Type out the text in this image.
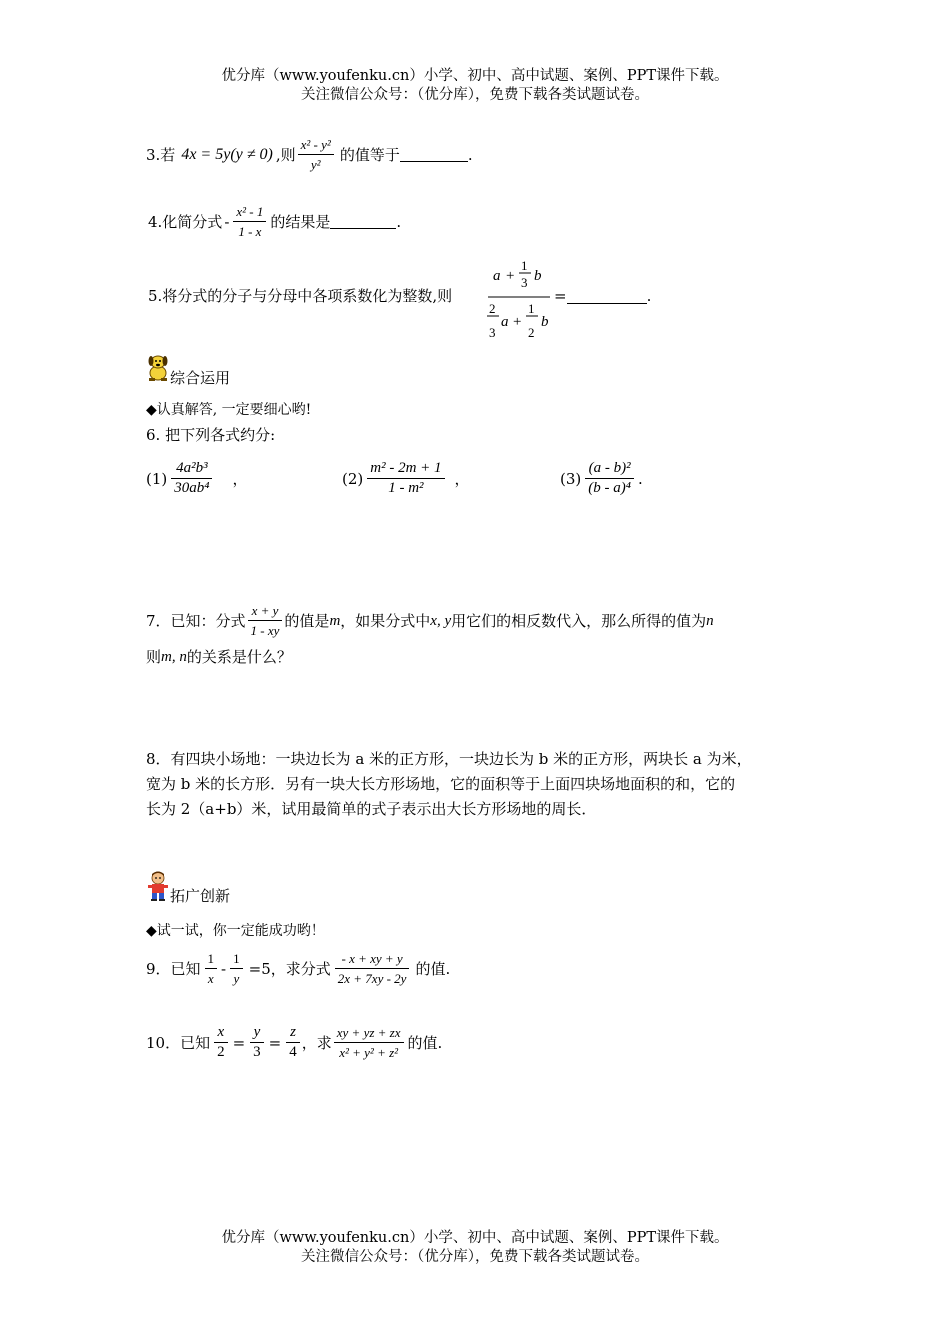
优分库（www.youfenku.cn）小学、初中、高中试题、案例、PPT课件下载。
关注微信公众号：（优分库），免费下载各类试题试卷。
3.若 4x = 5y(y ≠ 0) ,则 $\frac{\text{x² - y²}}{\text{y²}}$ 的值等于	.
4.化简分式 - $\frac{\text{x² - 1}}{1 - x}$ 的结果是	.
5.将分式的分子与分母中各项系数化为整数,则
a +
1
3 b
2
3
a +
1
2
b
=	.
综合运用
◆认真解答, 一定要细心哟!
6. 把下列各式约分:
$(1) \frac{\text{4a²b³}}{\text{30ab⁴}}$ ，	$(2) \frac{\text{m² - 2m + 1}}{\text{1 - m²}}$ ，	$(3) \frac{\text{(a - b)²}}{\text{(b - a)⁴}}$ .
7．已知：分式 $\frac{x + y}{1 - xy}$ 的值是 m ，如果分式中 x, y 用它们的相反数代入，那么所得的值为 n
则 m, n 的关系是什么？
8．有四块小场地：一块边长为 a 米的正方形，一块边长为 b 米的正方形，两块长 a 为米，
宽为 b 米的长方形．另有一块大长方形场地，它的面积等于上面四块场地面积的和，它的
长为 2（a+b）米，试用最简单的式子表示出大长方形场地的周长．
拓广创新
◆试一试，你一定能成功哟！
9．已知 $\frac{1}{x} - \frac{1}{y} =5$，求分式 $\frac{- x + xy + y}{2x + 7xy - 2y}$ 的值.
10．已知 $\frac{x}{2} = \frac{y}{3} = \frac{z}{4}$ ，求 $\frac{xy + yz + zx}{\text{x² + y² + z²}}$ 的值.
优分库（www.youfenku.cn）小学、初中、高中试题、案例、PPT课件下载。
关注微信公众号：（优分库），免费下载各类试题试卷。
